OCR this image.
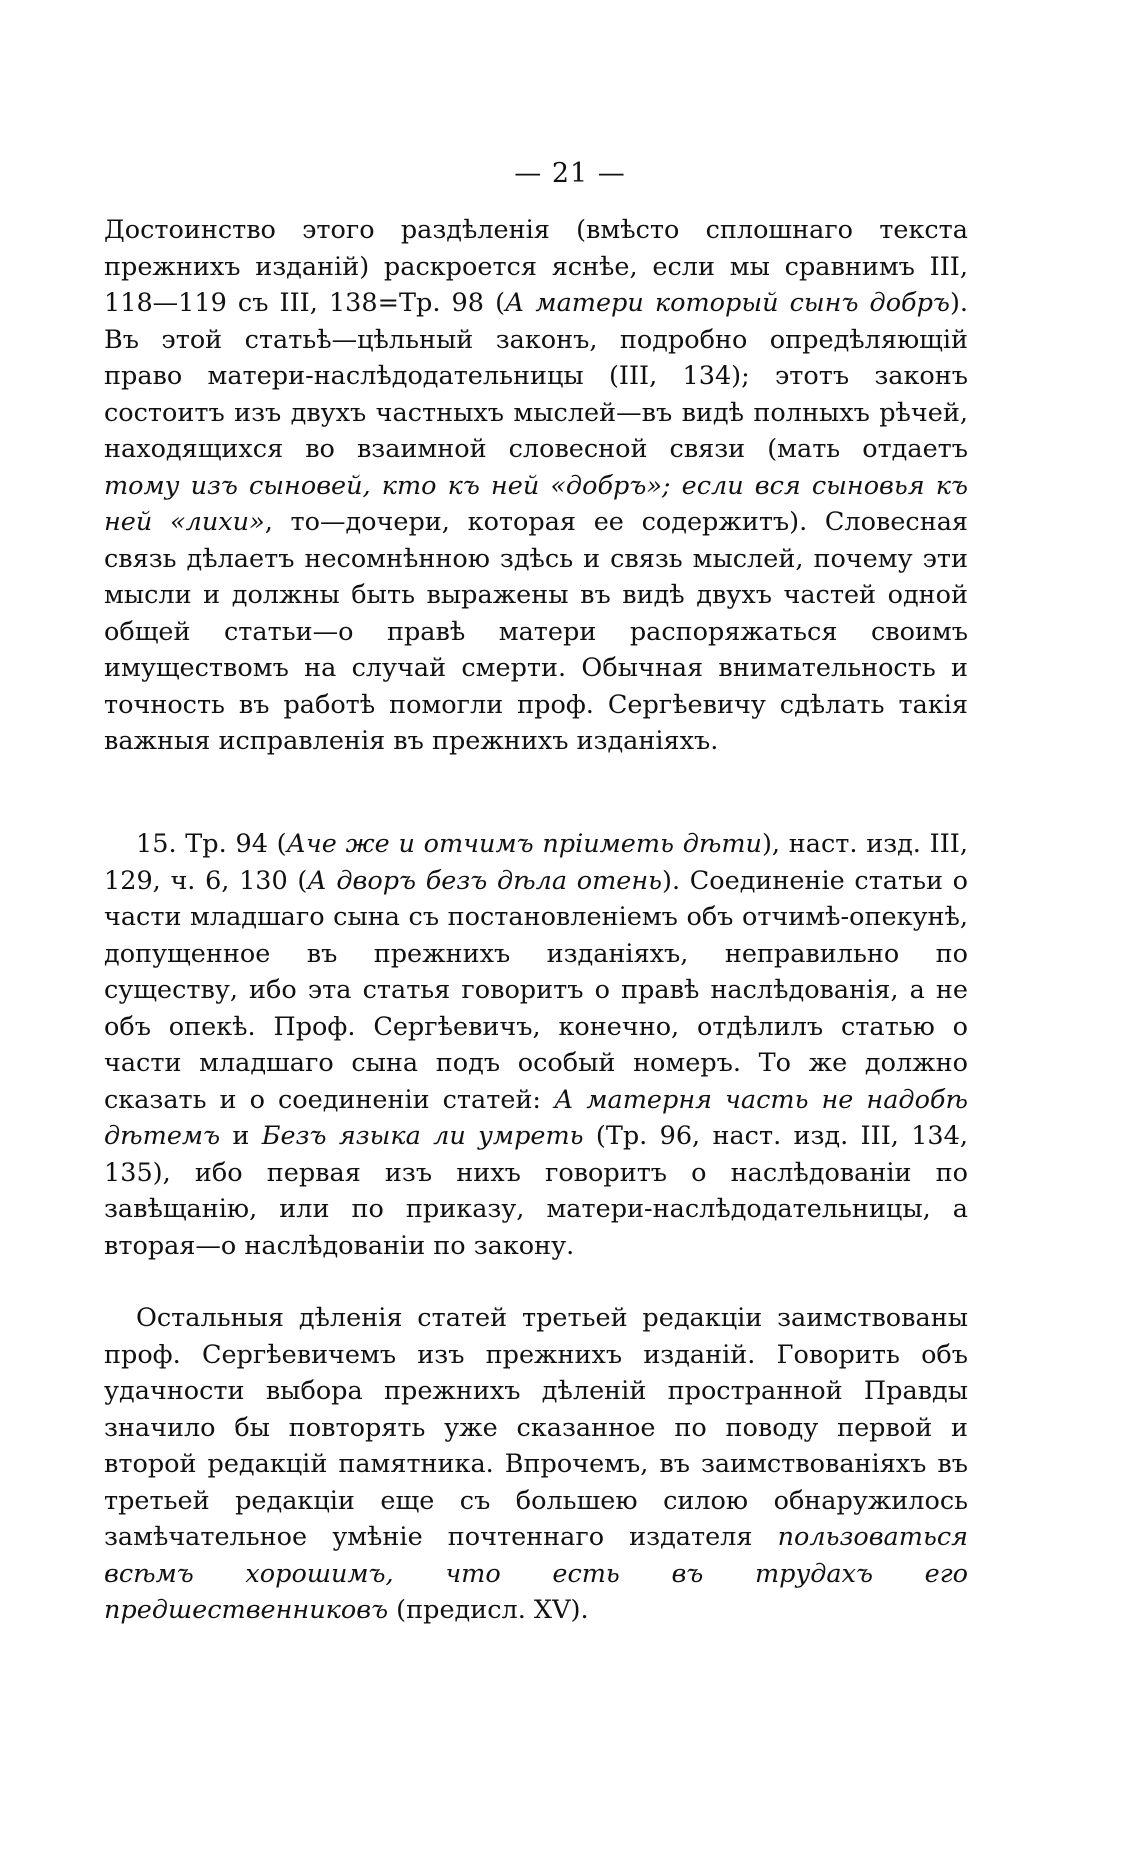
— 21 —

Достоинство этого раздѣленія (вмѣсто сплошнаго текста прежнихъ изданій) раскроется яснѣе, если мы сравнимъ III, 118—119 съ III, 138=Тр. 98 (А матери который сынъ добръ). Въ этой статьѣ—цѣльный законъ, подробно опредѣляющій право матери-наслѣдодательницы (III, 134); этотъ законъ состоитъ изъ двухъ частныхъ мыслей—въ видѣ полныхъ рѣчей, находящихся во взаимной словесной связи (мать отдаетъ тому изъ сыновей, кто къ ней «добръ»; если вся сыновья къ ней «лихи», то—дочери, которая ее содержитъ). Словесная связь дѣлаетъ несомнѣнною здѣсь и связь мыслей, почему эти мысли и должны быть выражены въ видѣ двухъ частей одной общей статьи—о правѣ матери распоряжаться своимъ имуществомъ на случай смерти. Обычная внимательность и точность въ работѣ помогли проф. Сергѣевичу сдѣлать такія важныя исправленія въ прежнихъ изданіяхъ.

15. Тр. 94 (Аче же и отчимъ пріиметь дѣти), наст. изд. III, 129, ч. 6, 130 (А дворъ безъ дѣла отень). Соединеніе статьи о части младшаго сына съ постановленіемъ объ отчимѣ-опекунѣ, допущенное въ прежнихъ изданіяхъ, неправильно по существу, ибо эта статья говоритъ о правѣ наслѣдованія, а не объ опекѣ. Проф. Сергѣевичъ, конечно, отдѣлилъ статью о части младшаго сына подъ особый номеръ. То же должно сказать и о соединеніи статей: А матерня часть не надобѣ дѣтемъ и Безъ языка ли умреть (Тр. 96, наст. изд. III, 134, 135), ибо первая изъ нихъ говоритъ о наслѣдованіи по завѣщанію, или по приказу, матери-наслѣдодательницы, а вторая—о наслѣдованіи по закону.

Остальныя дѣленія статей третьей редакціи заимствованы проф. Сергѣевичемъ изъ прежнихъ изданій. Говорить объ удачности выбора прежнихъ дѣленій пространной Правды значило бы повторять уже сказанное по поводу первой и второй редакцій памятника. Впрочемъ, въ заимствованіяхъ въ третьей редакціи еще съ большею силою обнаружилось замѣчательное умѣніе почтеннаго издателя пользоваться всѣмъ хорошимъ, что есть въ трудахъ его предшественниковъ (предисл. XV).
